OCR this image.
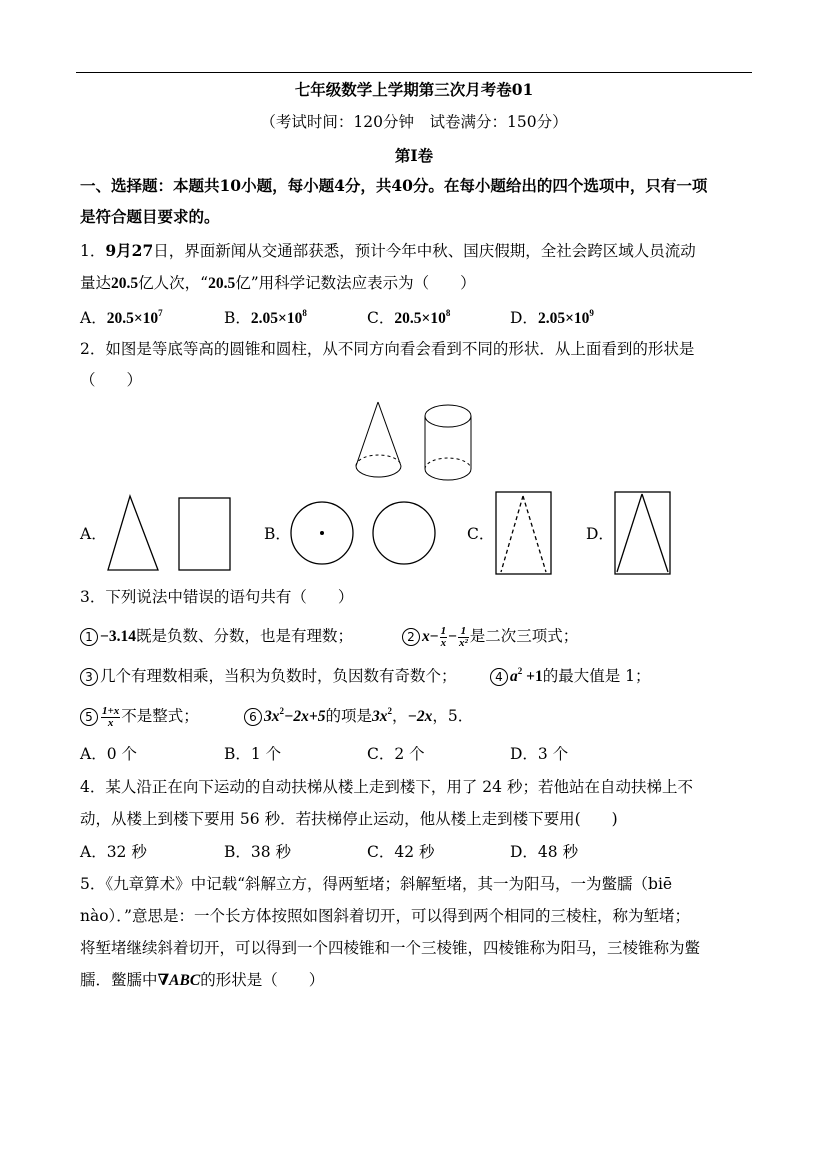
七年级数学上学期第三次月考卷01
（考试时间：120分钟　试卷满分：150分）
第Ⅰ卷
一、选择题：本题共10小题，每小题4分，共40分。在每小题给出的四个选项中，只有一项
是符合题目要求的。
1．9月27日，界面新闻从交通部获悉，预计今年中秋、国庆假期，全社会跨区域人员流动
量达20.5亿人次，“20.5亿”用科学记数法应表示为（　　）
A．$20.5\times 10^7$	B．$2.05\times 10^8$	C．$20.5\times 10^8$	D．$2.05\times 10^9$
2．如图是等底等高的圆锥和圆柱，从不同方向看会看到不同的形状．从上面看到的形状是
（　　）
A．	B．	C．	D．
3．下列说法中错误的语句共有（　　）
1 −3.14既是负数、分数，也是有理数；	2 $x- \frac{1}{x} - \frac{1}{\text{x²}}$ 是二次三项式；
3 几个有理数相乘，当积为负数时，负因数有奇数个；	4 $a^2 +1$的最大值是 1；
$5 \frac{1+x}{x}$ 不是整式；	6 $3x^2-2x+5$的项是$3x^2$，−2x，5．
A．0 个	B．1 个	C．2 个	D．3 个
4．某人沿正在向下运动的自动扶梯从楼上走到楼下，用了 24 秒；若他站在自动扶梯上不
动，从楼上到楼下要用 56 秒．若扶梯停止运动，他从楼上走到楼下要用(　　)
A．32 秒	B．38 秒	C．42 秒	D．48 秒
5．《九章算术》中记载“斜解立方，得两堑堵；斜解堑堵，其一为阳马，一为鳖臑（biē
nào）．”意思是：一个长方体按照如图斜着切开，可以得到两个相同的三棱柱，称为堑堵；
将堑堵继续斜着切开，可以得到一个四棱锥和一个三棱锥，四棱锥称为阳马，三棱锥称为鳖
臑．鳖臑中∇ABC的形状是（　　）
